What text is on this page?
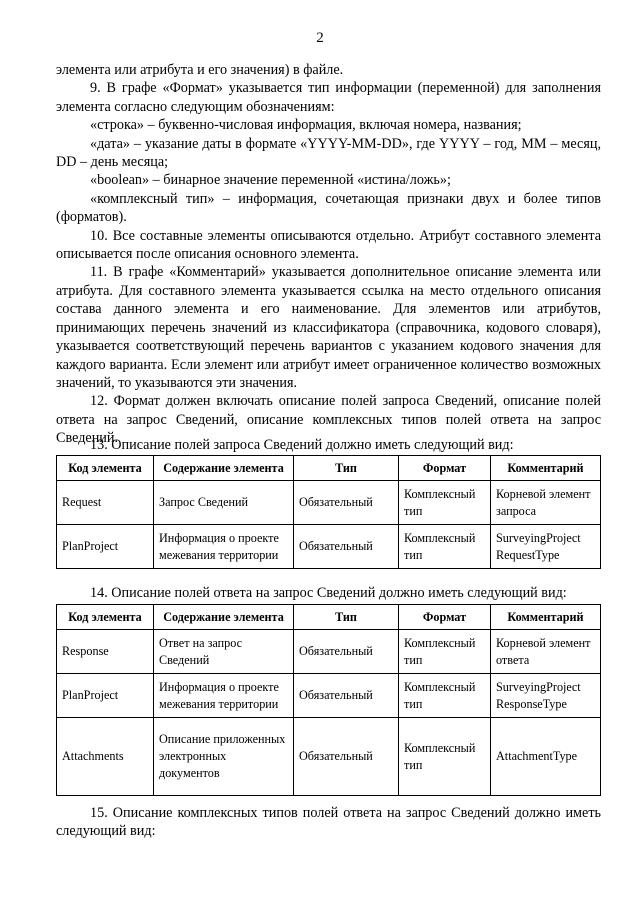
2

элемента или атрибута и его значения) в файле.

9. В графе «Формат» указывается тип информации (переменной) для заполнения элемента согласно следующим обозначениям:

«строка» – буквенно-числовая информация, включая номера, названия;

«дата» – указание даты в формате «YYYY-MM-DD», где YYYY – год, MM – месяц, DD – день месяца;

«boolean» – бинарное значение переменной «истина/ложь»;

«комплексный тип» – информация, сочетающая признаки двух и более типов (форматов).

10. Все составные элементы описываются отдельно. Атрибут составного элемента описывается после описания основного элемента.

11. В графе «Комментарий» указывается дополнительное описание элемента или атрибута. Для составного элемента указывается ссылка на место отдельного описания состава данного элемента и его наименование. Для элементов или атрибутов, принимающих перечень значений из классификатора (справочника, кодового словаря), указывается соответствующий перечень вариантов с указанием кодового значения для каждого варианта. Если элемент или атрибут имеет ограниченное количество возможных значений, то указываются эти значения.

12. Формат должен включать описание полей запроса Сведений, описание полей ответа на запрос Сведений, описание комплексных типов полей ответа на запрос Сведений.

13. Описание полей запроса Сведений должно иметь следующий вид:
Код элемента	Содержание элемента	Тип	Формат	Комментарий
Request	Запрос Сведений	Обязательный	Комплексный тип	Корневой элемент запроса
PlanProject	Информация о проекте межевания территории	Обязательный	Комплексный тип	SurveyingProject RequestType
14. Описание полей ответа на запрос Сведений должно иметь следующий вид:
Код элемента	Содержание элемента	Тип	Формат	Комментарий
Response	Ответ на запрос Сведений	Обязательный	Комплексный тип	Корневой элемент ответа
PlanProject	Информация о проекте межевания территории	Обязательный	Комплексный тип	SurveyingProject ResponseType
Attachments	Описание приложенных электронных документов	Обязательный	Комплексный тип	AttachmentType
15. Описание комплексных типов полей ответа на запрос Сведений должно иметь следующий вид:
